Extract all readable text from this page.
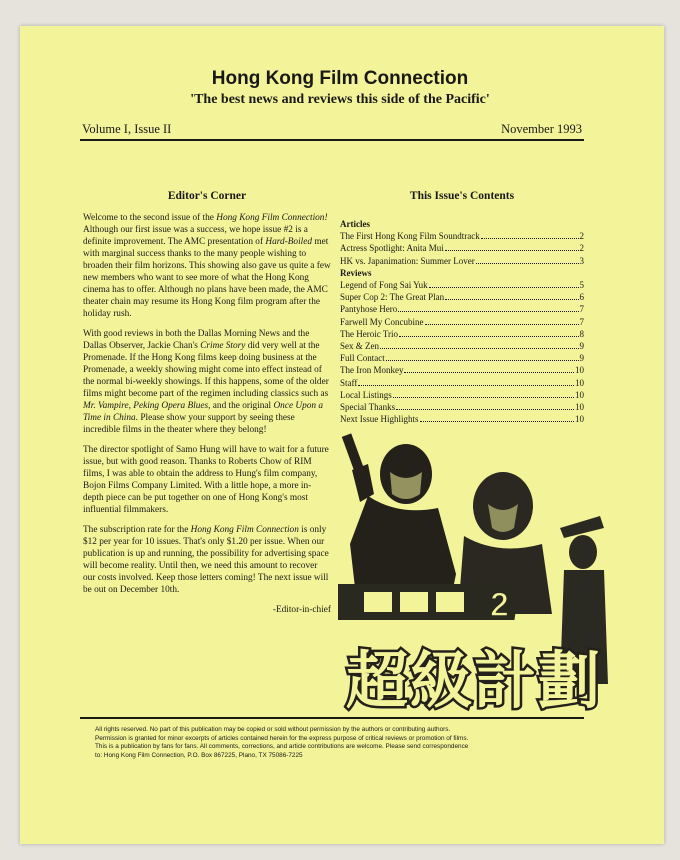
Hong Kong Film Connection
'The best news and reviews this side of the Pacific'
Volume I, Issue II	November 1993
Editor's Corner

Welcome to the second issue of the Hong Kong Film Connection! Although our first issue was a success, we hope issue #2 is a definite improvement. The AMC presentation of Hard-Boiled met with marginal success thanks to the many people wishing to broaden their film horizons. This showing also gave us quite a few new members who want to see more of what the Hong Kong cinema has to offer. Although no plans have been made, the AMC theater chain may resume its Hong Kong film program after the holiday rush.

With good reviews in both the Dallas Morning News and the Dallas Observer, Jackie Chan's Crime Story did very well at the Promenade. If the Hong Kong films keep doing business at the Promenade, a weekly showing might come into effect instead of the normal bi-weekly showings. If this happens, some of the older films might become part of the regimen including classics such as Mr. Vampire, Peking Opera Blues, and the original Once Upon a Time in China. Please show your support by seeing these incredible films in the theater where they belong!

The director spotlight of Samo Hung will have to wait for a future issue, but with good reason. Thanks to Roberts Chow of RIM films, I was able to obtain the address to Hung's film company, Bojon Films Company Limited. With a little hope, a more in-depth piece can be put together on one of Hong Kong's most influential filmmakers.

The subscription rate for the Hong Kong Film Connection is only $12 per year for 10 issues. That's only $1.20 per issue. When our publication is up and running, the possibility for advertising space will become reality. Until then, we need this amount to recover our costs involved. Keep those letters coming! The next issue will be out on December 10th.

-Editor-in-chief
This Issue's Contents
Articles
The First Hong Kong Film Soundtrack	2
Actress Spotlight: Anita Mui	2
HK vs. Japanimation: Summer Lover	3
Reviews
Legend of Fong Sai Yuk	5
Super Cop 2: The Great Plan	6
Pantyhose Hero	7
Farwell My Concubine	7
The Heroic Trio	8
Sex & Zen	9
Full Contact	9
The Iron Monkey	10
Staff	10
Local Listings	10
Special Thanks	10
Next Issue Highlights	10
2
超級計劃
All rights reserved. No part of this publication may be copied or sold without permission by the authors or contributing authors.
Permission is granted for minor excerpts of articles contained herein for the express purpose of critical reviews or promotion of films.
This is a publication by fans for fans. All comments, corrections, and article contributions are welcome. Please send correspondence
to: Hong Kong Film Connection, P.O. Box 867225, Plano, TX 75086-7225
